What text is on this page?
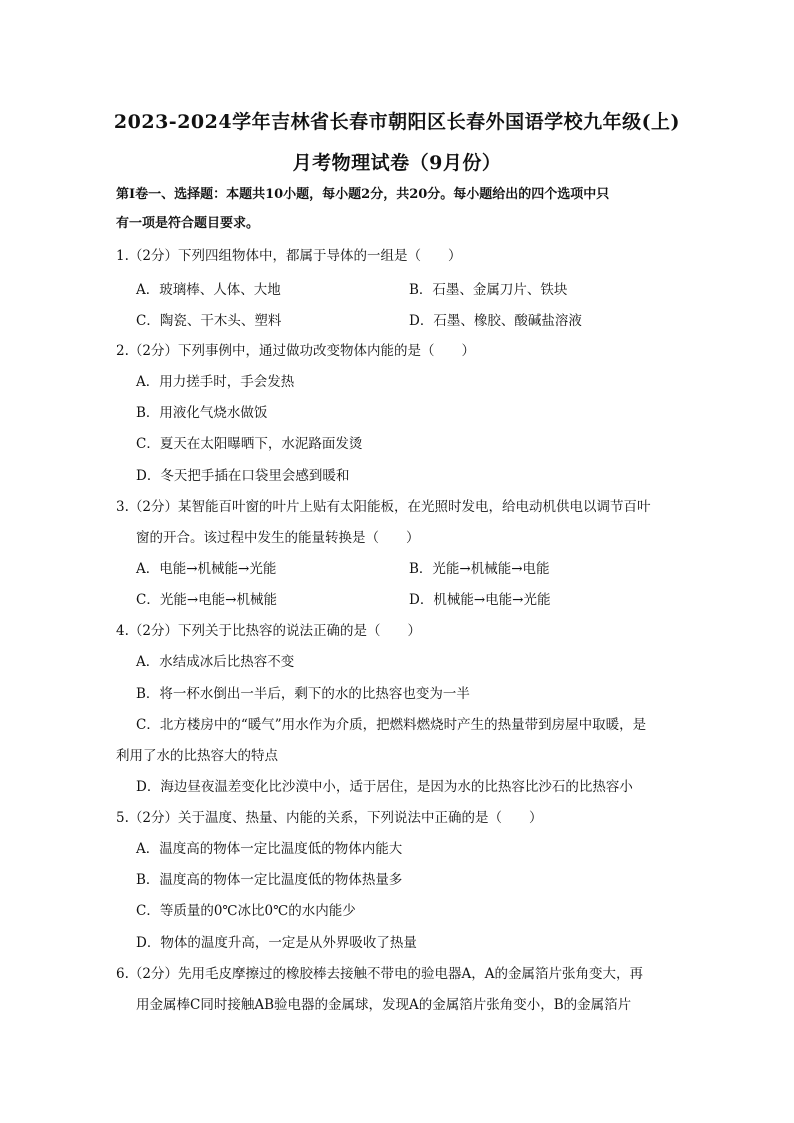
2023-2024学年吉林省长春市朝阳区长春外国语学校九年级(上)
月考物理试卷（9月份）
第Ⅰ卷一、选择题：本题共10小题，每小题2分，共20分。每小题给出的四个选项中只
有一项是符合题目要求。
1.（2分）下列四组物体中，都属于导体的一组是（　　）
A．玻璃棒、人体、大地	B．石墨、金属刀片、铁块
C．陶瓷、干木头、塑料	D．石墨、橡胶、酸碱盐溶液
2.（2分）下列事例中，通过做功改变物体内能的是（　　）
A．用力搓手时，手会发热
B．用液化气烧水做饭
C．夏天在太阳曝晒下，水泥路面发烫
D．冬天把手插在口袋里会感到暖和
3.（2分）某智能百叶窗的叶片上贴有太阳能板，在光照时发电，给电动机供电以调节百叶
窗的开合。该过程中发生的能量转换是（　　）
A．电能→机械能→光能	B．光能→机械能→电能
C．光能→电能→机械能	D．机械能→电能→光能
4.（2分）下列关于比热容的说法正确的是（　　）
A．水结成冰后比热容不变
B．将一杯水倒出一半后，剩下的水的比热容也变为一半
C．北方楼房中的“暖气”用水作为介质，把燃料燃烧时产生的热量带到房屋中取暖，是
利用了水的比热容大的特点
D．海边昼夜温差变化比沙漠中小，适于居住，是因为水的比热容比沙石的比热容小
5.（2分）关于温度、热量、内能的关系，下列说法中正确的是（　　）
A．温度高的物体一定比温度低的物体内能大
B．温度高的物体一定比温度低的物体热量多
C．等质量的0℃冰比0℃的水内能少
D．物体的温度升高，一定是从外界吸收了热量
6.（2分）先用毛皮摩擦过的橡胶棒去接触不带电的验电器A，A的金属箔片张角变大，再
用金属棒C同时接触AB验电器的金属球，发现A的金属箔片张角变小，B的金属箔片
